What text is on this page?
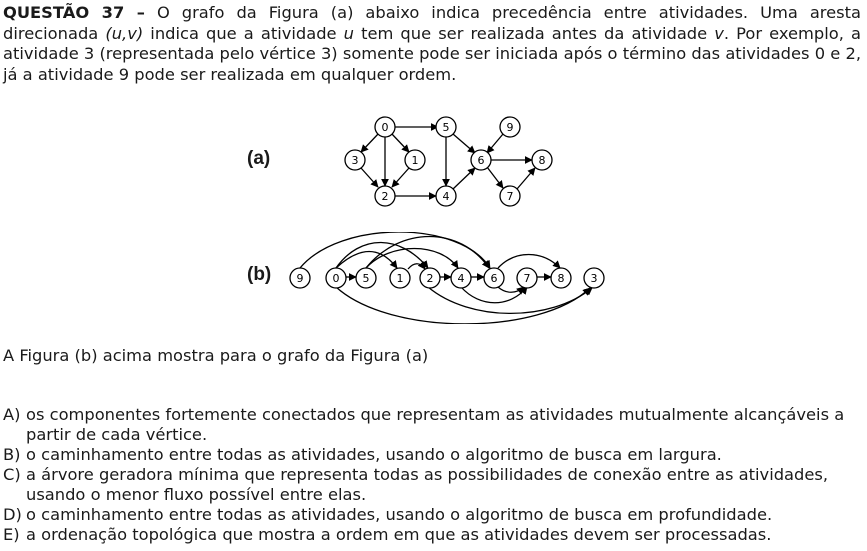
QUESTÃO 37 – O grafo da Figura (a) abaixo indica precedência entre atividades. Uma aresta direcionada (u,v) indica que a atividade u tem que ser realizada antes da atividade v. Por exemplo, a atividade 3 (representada pelo vértice 3) somente pode ser iniciada após o término das atividades 0 e 2, já a atividade 9 pode ser realizada em qualquer ordem.

(a)
(b)
0
1
2
3
4
5
6
7
8
9
9	0 5 1 2 4 6 7 8 3

A Figura (b) acima mostra para o grafo da Figura (a)

A) os componentes fortemente conectados que representam as atividades mutualmente alcançáveis a partir de cada vértice.
B) o caminhamento entre todas as atividades, usando o algoritmo de busca em largura.
C) a árvore geradora mínima que representa todas as possibilidades de conexão entre as atividades, usando o menor fluxo possível entre elas.
D) o caminhamento entre todas as atividades, usando o algoritmo de busca em profundidade.
E) a ordenação topológica que mostra a ordem em que as atividades devem ser processadas.
